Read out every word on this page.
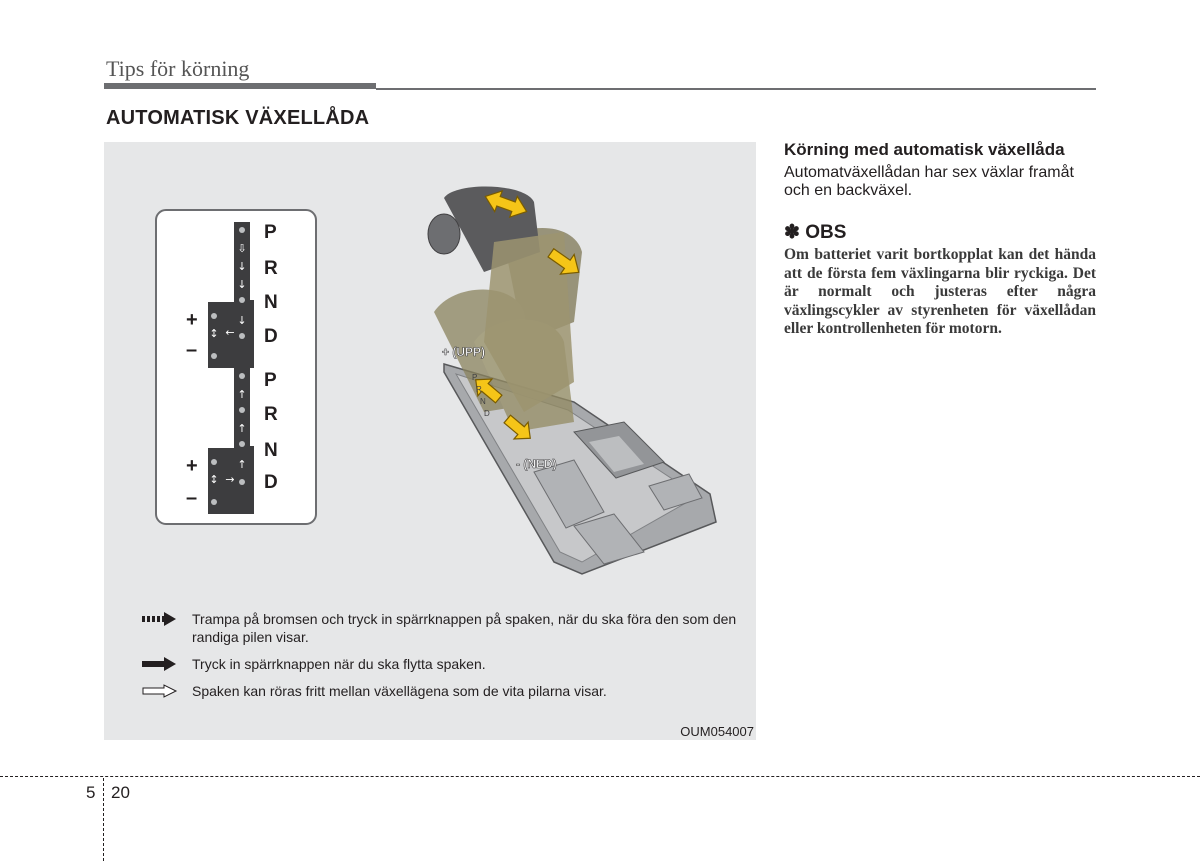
Tips för körning
AUTOMATISK VÄXELLÅDA
⇩
↓
↓
↓
↕ ←
↑
↑
↑
↕ →
P
R
N
D
+
–
P
R
N
D
+
–
P
R
N
D
+ (UPP)
- (NED)
Trampa på bromsen och tryck in spärrknappen på spaken, när du ska föra den som den randiga pilen visar.
Tryck in spärrknappen när du ska flytta spaken.
Spaken kan röras fritt mellan växellägena som de vita pilarna visar.
OUM054007

Körning med automatisk växellåda

Automatväxellådan har sex växlar framåt och en backväxel.

✽ OBS

Om batteriet varit bortkopplat kan det hända att de första fem växlingarna blir ryckiga. Det är normalt och justeras efter några växlingscykler av styrenheten för växellådan eller kontrollenheten för motorn.

5 20
